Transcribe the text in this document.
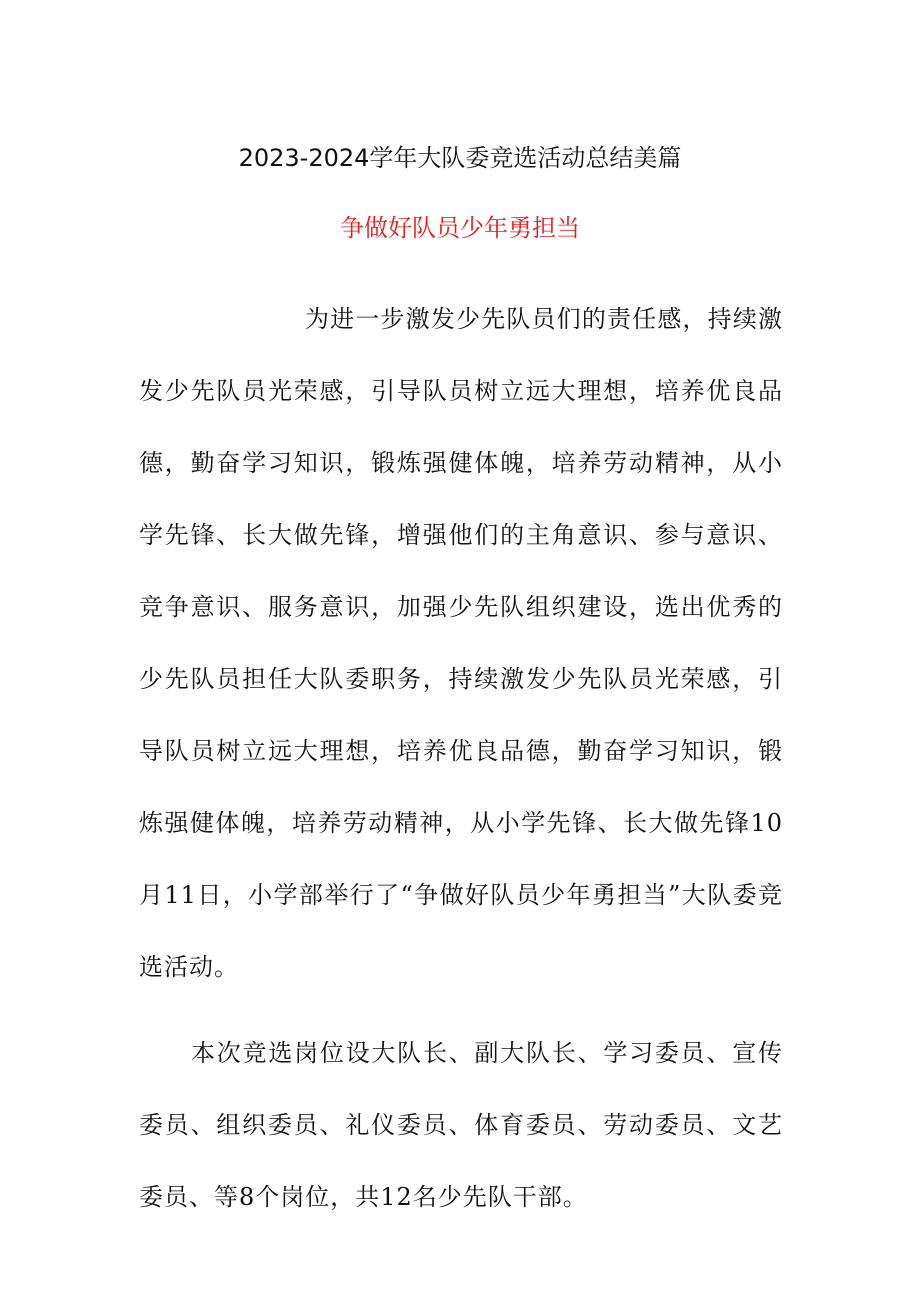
2023-2024学年大队委竞选活动总结美篇
争做好队员少年勇担当

为进一步激发少先队员们的责任感，持续激发少先队员光荣感，引导队员树立远大理想，培养优良品德，勤奋学习知识，锻炼强健体魄，培养劳动精神，从小学先锋、长大做先锋，增强他们的主角意识、参与意识、竞争意识、服务意识，加强少先队组织建设，选出优秀的少先队员担任大队委职务，持续激发少先队员光荣感，引导队员树立远大理想，培养优良品德，勤奋学习知识，锻炼强健体魄，培养劳动精神，从小学先锋、长大做先锋10月11日，小学部举行了“争做好队员少年勇担当”大队委竞选活动。

本次竞选岗位设大队长、副大队长、学习委员、宣传委员、组织委员、礼仪委员、体育委员、劳动委员、文艺委员、等8个岗位，共12名少先队干部。
